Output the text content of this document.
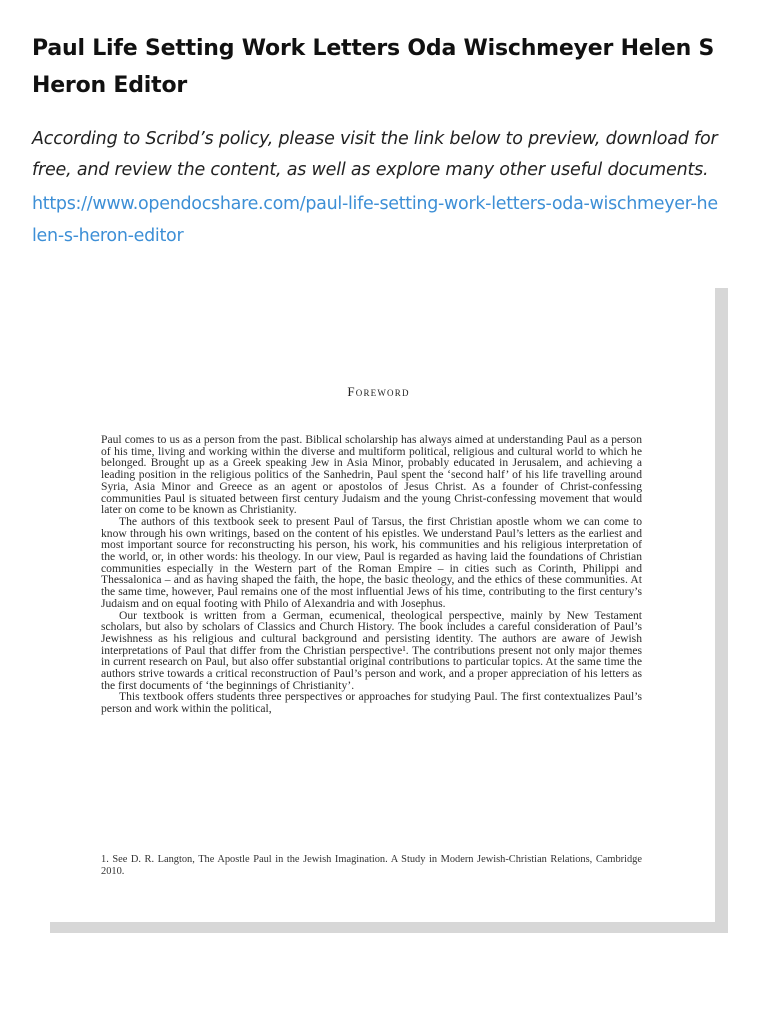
Paul Life Setting Work Letters Oda Wischmeyer Helen S Heron Editor
According to Scribd’s policy, please visit the link below to preview, download for free, and review the content, as well as explore many other useful documents.
https://www.opendocshare.com/paul-life-setting-work-letters-oda-wischmeyer-helen-s-heron-editor
Foreword

Paul comes to us as a person from the past. Biblical scholarship has always aimed at understanding Paul as a person of his time, living and working within the diverse and multiform political, religious and cultural world to which he belonged. Brought up as a Greek speaking Jew in Asia Minor, probably educated in Jerusalem, and achieving a leading position in the religious politics of the Sanhedrin, Paul spent the ‘second half’ of his life travelling around Syria, Asia Minor and Greece as an agent or apostolos of Jesus Christ. As a founder of Christ-confessing communities Paul is situated between first century Judaism and the young Christ-confessing movement that would later on come to be known as Christianity.

The authors of this textbook seek to present Paul of Tarsus, the first Christian apostle whom we can come to know through his own writings, based on the content of his epistles. We understand Paul’s letters as the earliest and most important source for reconstructing his person, his work, his communities and his religious interpretation of the world, or, in other words: his theology. In our view, Paul is regarded as having laid the foundations of Christian communities especially in the Western part of the Roman Empire – in cities such as Corinth, Philippi and Thessalonica – and as having shaped the faith, the hope, the basic theology, and the ethics of these communities. At the same time, however, Paul remains one of the most influential Jews of his time, contributing to the first century’s Judaism and on equal footing with Philo of Alexandria and with Josephus.

Our textbook is written from a German, ecumenical, theological perspective, mainly by New Testament scholars, but also by scholars of Classics and Church History. The book includes a careful consideration of Paul’s Jewishness as his religious and cultural background and persisting identity. The authors are aware of Jewish interpretations of Paul that differ from the Christian perspective¹. The contributions present not only major themes in current research on Paul, but also offer substantial original contributions to particular topics. At the same time the authors strive towards a critical reconstruction of Paul’s person and work, and a proper appreciation of his letters as the first documents of ‘the beginnings of Christianity’.

This textbook offers students three perspectives or approaches for studying Paul. The first contextualizes Paul’s person and work within the political,

1. See D. R. Langton, The Apostle Paul in the Jewish Imagination. A Study in Modern Jewish-Christian Relations, Cambridge 2010.
